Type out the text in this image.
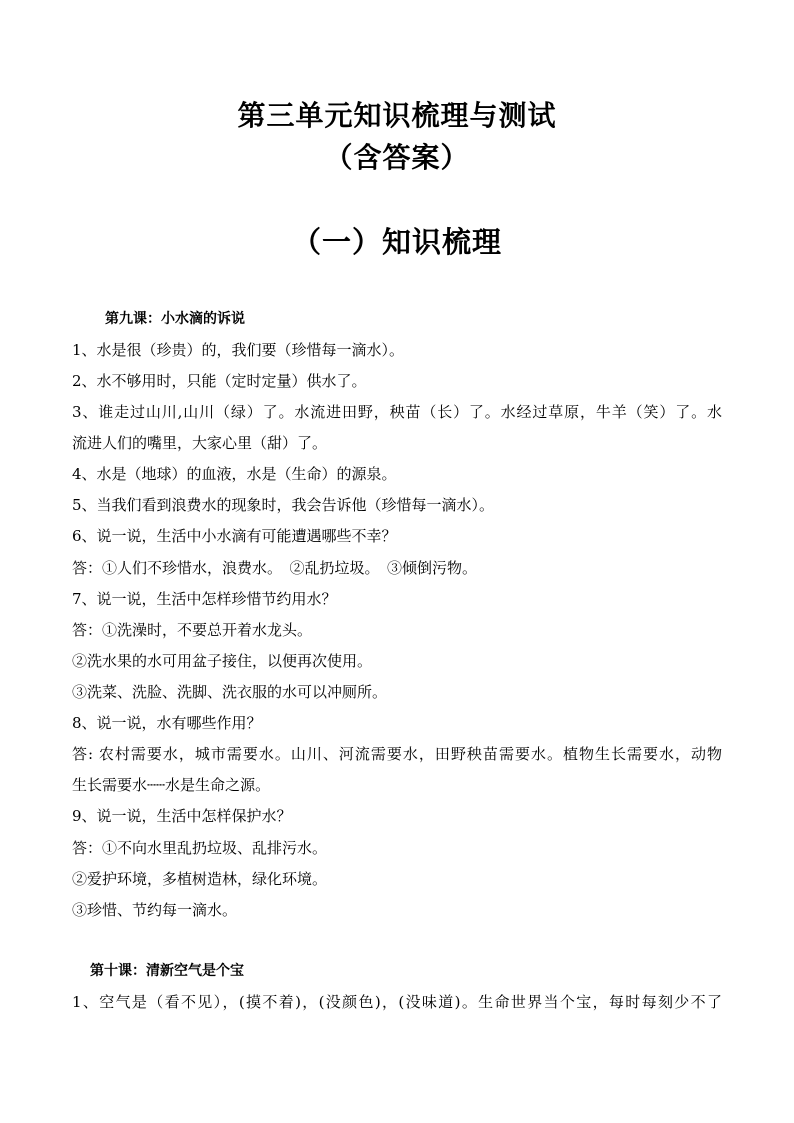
第三单元知识梳理与测试
（含答案）
（一）知识梳理
第九课：小水滴的诉说
1、水是很（珍贵）的，我们要（珍惜每一滴水）。
2、水不够用时，只能（定时定量）供水了。
3、谁走过山川,山川（绿）了。水流进田野，秧苗（长）了。水经过草原，牛羊（笑）了。水
流进人们的嘴里，大家心里（甜）了。
4、水是（地球）的血液，水是（生命）的源泉。
5、当我们看到浪费水的现象时，我会告诉他（珍惜每一滴水）。
6、说一说，生活中小水滴有可能遭遇哪些不幸？
答：①人们不珍惜水，浪费水。　②乱扔垃圾。　③倾倒污物。
7、说一说，生活中怎样珍惜节约用水？
答：①洗澡时，不要总开着水龙头。
②洗水果的水可用盆子接住，以便再次使用。
③洗菜、洗脸、洗脚、洗衣服的水可以冲厕所。
8、说一说，水有哪些作用？
答: 农村需要水，城市需要水。山川、河流需要水，田野秧苗需要水。植物生长需要水，动物
生长需要水┄┄水是生命之源。
9、说一说，生活中怎样保护水？
答：①不向水里乱扔垃圾、乱排污水。
②爱护环境，多植树造林，绿化环境。
③珍惜、节约每一滴水。
第十课：清新空气是个宝
1、空气是（看不见），(摸不着)，(没颜色)，(没味道)。生命世界当个宝，每时每刻少不了
